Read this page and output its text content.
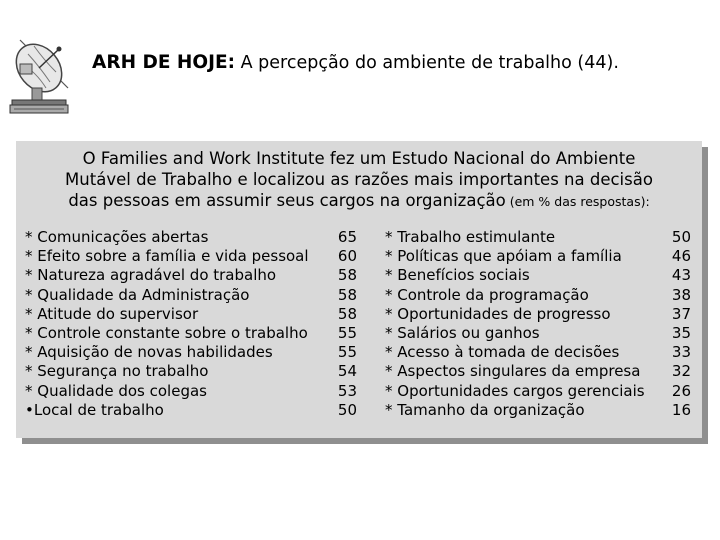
ARH DE HOJE: A percepção do ambiente de trabalho (44).
O Families and Work Institute fez um Estudo Nacional do Ambiente
Mutável de Trabalho e localizou as razões mais importantes na decisão
das pessoas em assumir seus cargos na organização (em % das respostas):
* Comunicações abertas	65
* Efeito sobre a família e vida pessoal 60
* Natureza agradável do trabalho	58
* Qualidade da Administração	58
* Atitude do supervisor	58
* Controle constante sobre o trabalho 55
* Aquisição de novas habilidades	55
* Segurança no trabalho	54
* Qualidade dos colegas	53
•Local de trabalho	50
* Trabalho estimulante	50
* Políticas que apóiam a família	46
* Benefícios sociais	43
* Controle da programação	38
* Oportunidades de progresso	37
* Salários ou ganhos	35
* Acesso à tomada de decisões	33
* Aspectos singulares da empresa 32
* Oportunidades cargos gerenciais 26
* Tamanho da organização	16
